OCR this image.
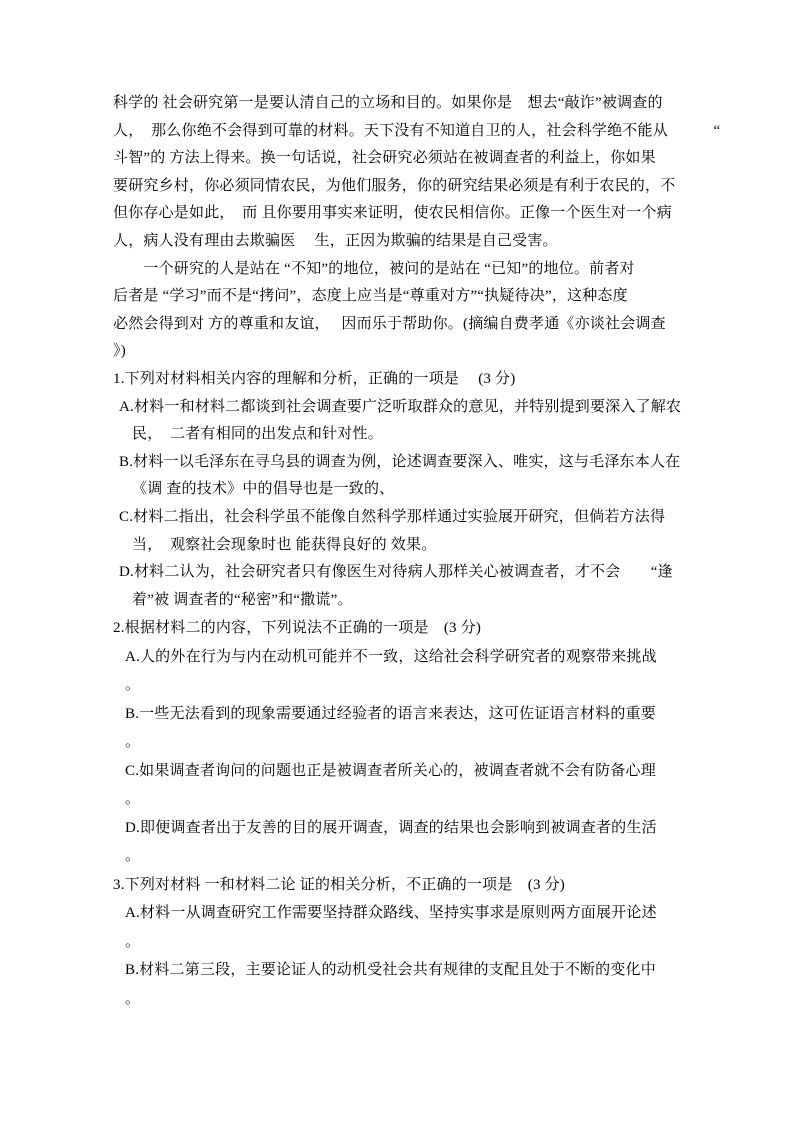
科学的 社会研究第一是要认清自己的立场和目的。如果你是　想去“敲诈”被调查的
人，　那么你绝不会得到可靠的材料。天下没有不知道自卫的人，社会科学绝不能从　　　“
斗智”的 方法上得来。换一句话说，社会研究必须站在被调查者的利益上，你如果
要研究乡村，你必须同情农民，为他们服务，你的研究结果必须是有利于农民的，不
但你存心是如此，　而 且你要用事实来证明，使农民相信你。正像一个医生对一个病
人，病人没有理由去欺骗医　 生，正因为欺骗的结果是自己受害。
　　一个研究的人是站在 “不知”的地位，被问的是站在 “已知”的地位。前者对
后者是 “学习”而不是“拷问”，态度上应当是“尊重对方”“执疑待决”，这种态度
必然会得到对 方的尊重和友谊，　 因而乐于帮助你。(摘编自费孝通《亦谈社会调查
》)
1.下列对材料相关内容的理解和分析，正确的一项是　 (3 分)
A.材料一和材料二都谈到社会调查要广泛听取群众的意见，并特别提到要深入了解农
民，　二者有相同的出发点和针对性。
B.材料一以毛泽东在寻乌县的调查为例，论述调查要深入、唯实，这与毛泽东本人在
《调 查的技术》中的倡导也是一致的、
C.材料二指出，社会科学虽不能像自然科学那样通过实验展开研究，但倘若方法得
当，　观察社会现象时也 能获得良好的 效果。
D.材料二认为，社会研究者只有像医生对待病人那样关心被调查者，才不会　　“逢
着”被 调查者的“秘密”和“撒谎”。
2.根据材料二的内容，下列说法不正确的一项是　(3 分)
A.人的外在行为与内在动机可能并不一致，这给社会科学研究者的观察带来挑战
。
B.一些无法看到的现象需要通过经验者的语言来表达，这可佐证语言材料的重要
。
C.如果调查者询问的问题也正是被调查者所关心的，被调查者就不会有防备心理
。
D.即便调查者出于友善的目的展开调查，调查的结果也会影响到被调查者的生活
。
3.下列对材料 一和材料二论 证的相关分析，不正确的一项是　(3 分)
A.材料一从调查研究工作需要坚持群众路线、坚持实事求是原则两方面展开论述
。
B.材料二第三段，主要论证人的动机受社会共有规律的支配且处于不断的变化中
。
